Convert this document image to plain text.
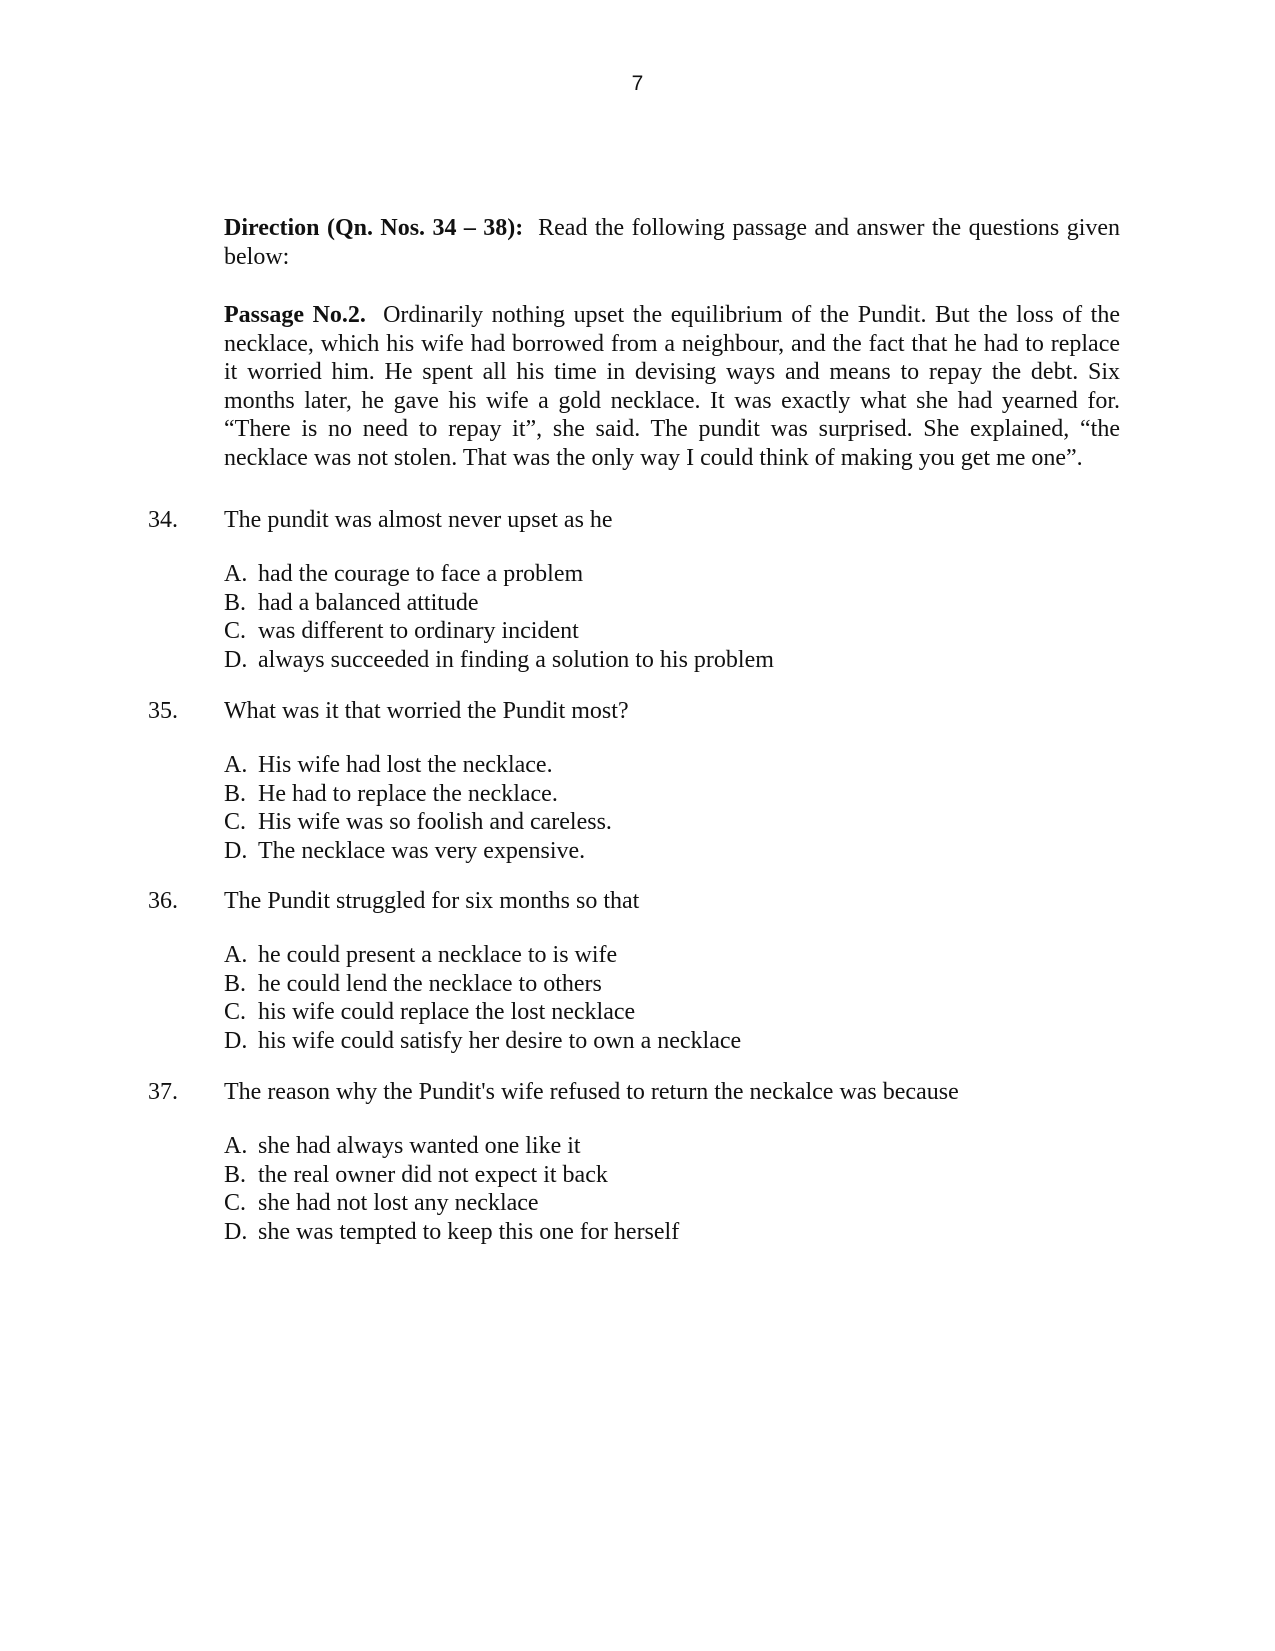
7
Direction (Qn. Nos. 34 – 38): Read the following passage and answer the questions given below:
Passage No.2. Ordinarily nothing upset the equilibrium of the Pundit. But the loss of the necklace, which his wife had borrowed from a neighbour, and the fact that he had to replace it worried him. He spent all his time in devising ways and means to repay the debt. Six months later, he gave his wife a gold necklace. It was exactly what she had yearned for. “There is no need to repay it”, she said. The pundit was surprised. She explained, “the necklace was not stolen. That was the only way I could think of making you get me one”.
34. The pundit was almost never upset as he
A. had the courage to face a problem
B. had a balanced attitude
C. was different to ordinary incident
D. always succeeded in finding a solution to his problem
35. What was it that worried the Pundit most?
A. His wife had lost the necklace.
B. He had to replace the necklace.
C. His wife was so foolish and careless.
D. The necklace was very expensive.
36. The Pundit struggled for six months so that
A. he could present a necklace to is wife
B. he could lend the necklace to others
C. his wife could replace the lost necklace
D. his wife could satisfy her desire to own a necklace
37. The reason why the Pundit's wife refused to return the neckalce was because
A. she had always wanted one like it
B. the real owner did not expect it back
C. she had not lost any necklace
D. she was tempted to keep this one for herself
